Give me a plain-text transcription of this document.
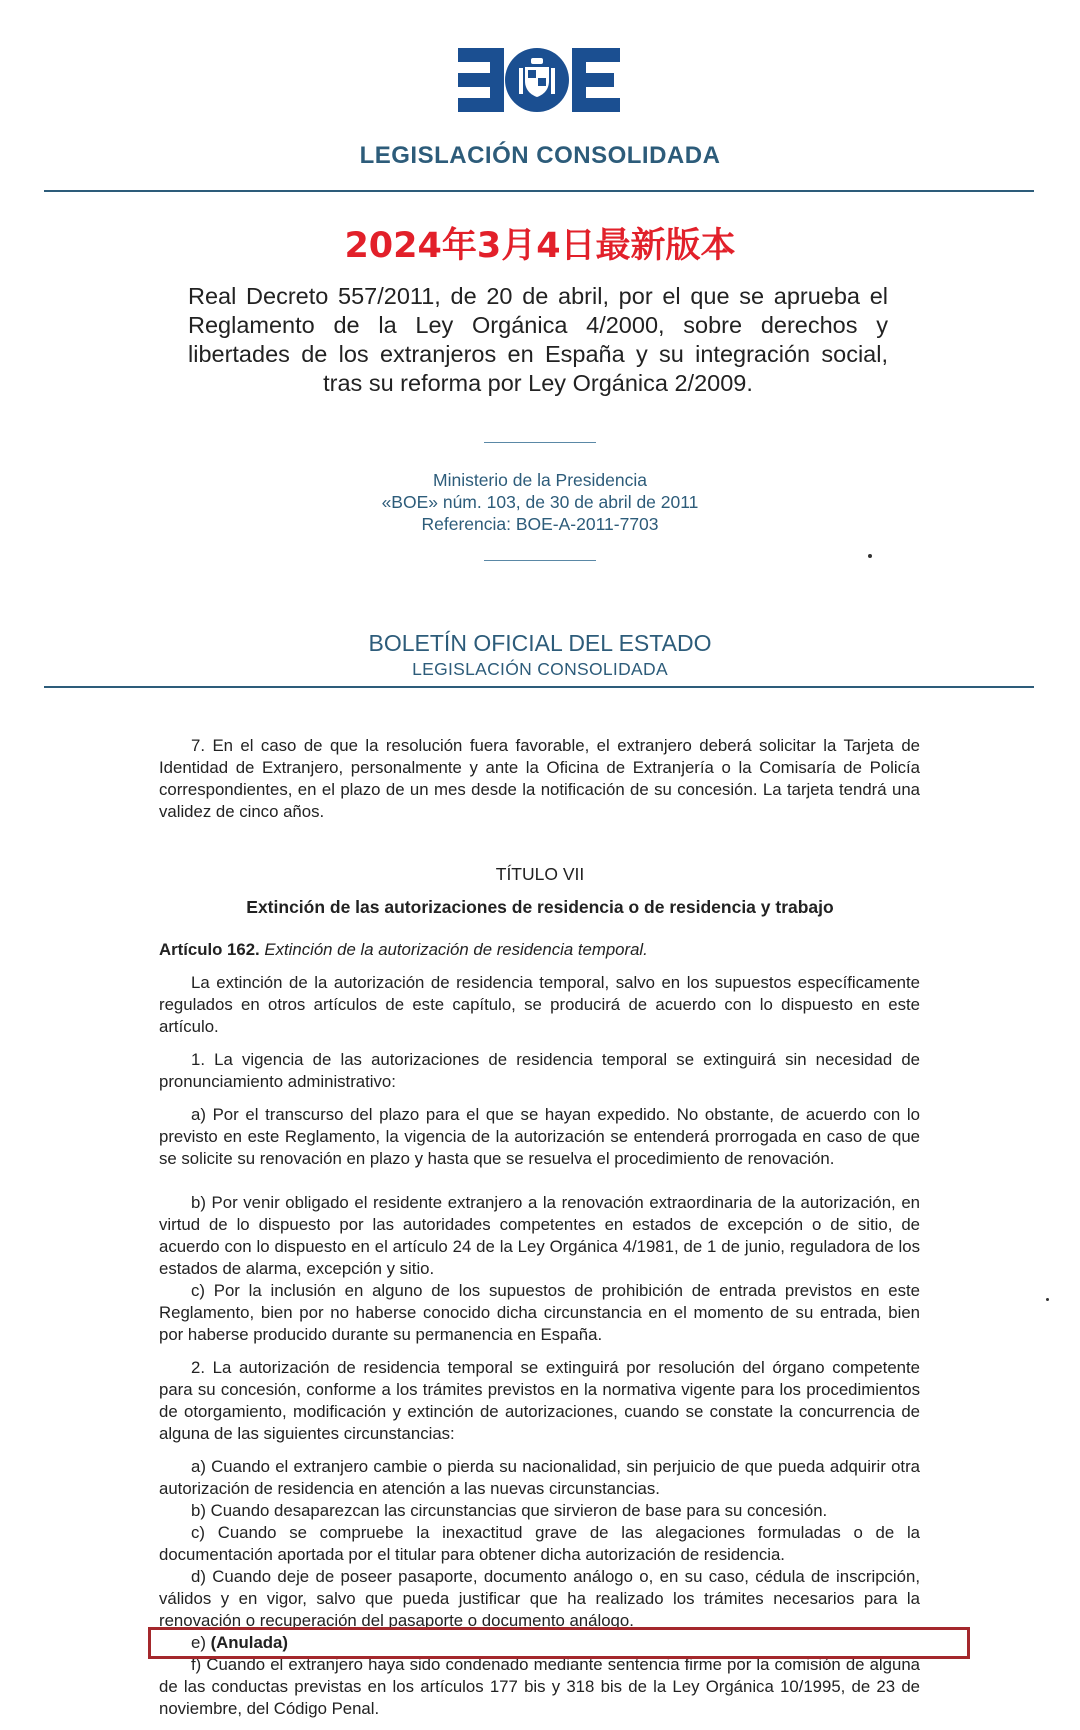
LEGISLACIÓN CONSOLIDADA
2024年3月4日最新版本
Real Decreto 557/2011, de 20 de abril, por el que se aprueba el Reglamento de la Ley Orgánica 4/2000, sobre derechos y libertades de los extranjeros en España y su integración social, tras su reforma por Ley Orgánica 2/2009.
Ministerio de la Presidencia
«BOE» núm. 103, de 30 de abril de 2011
Referencia: BOE-A-2011-7703
BOLETÍN OFICIAL DEL ESTADO
LEGISLACIÓN CONSOLIDADA
7. En el caso de que la resolución fuera favorable, el extranjero deberá solicitar la Tarjeta de Identidad de Extranjero, personalmente y ante la Oficina de Extranjería o la Comisaría de Policía correspondientes, en el plazo de un mes desde la notificación de su concesión. La tarjeta tendrá una validez de cinco años.
TÍTULO VII
Extinción de las autorizaciones de residencia o de residencia y trabajo
Artículo 162. Extinción de la autorización de residencia temporal.
La extinción de la autorización de residencia temporal, salvo en los supuestos específicamente regulados en otros artículos de este capítulo, se producirá de acuerdo con lo dispuesto en este artículo.
1. La vigencia de las autorizaciones de residencia temporal se extinguirá sin necesidad de pronunciamiento administrativo:
a) Por el transcurso del plazo para el que se hayan expedido. No obstante, de acuerdo con lo previsto en este Reglamento, la vigencia de la autorización se entenderá prorrogada en caso de que se solicite su renovación en plazo y hasta que se resuelva el procedimiento de renovación.
b) Por venir obligado el residente extranjero a la renovación extraordinaria de la autorización, en virtud de lo dispuesto por las autoridades competentes en estados de excepción o de sitio, de acuerdo con lo dispuesto en el artículo 24 de la Ley Orgánica 4/1981, de 1 de junio, reguladora de los estados de alarma, excepción y sitio.
c) Por la inclusión en alguno de los supuestos de prohibición de entrada previstos en este Reglamento, bien por no haberse conocido dicha circunstancia en el momento de su entrada, bien por haberse producido durante su permanencia en España.
2. La autorización de residencia temporal se extinguirá por resolución del órgano competente para su concesión, conforme a los trámites previstos en la normativa vigente para los procedimientos de otorgamiento, modificación y extinción de autorizaciones, cuando se constate la concurrencia de alguna de las siguientes circunstancias:
a) Cuando el extranjero cambie o pierda su nacionalidad, sin perjuicio de que pueda adquirir otra autorización de residencia en atención a las nuevas circunstancias.
b) Cuando desaparezcan las circunstancias que sirvieron de base para su concesión.
c) Cuando se compruebe la inexactitud grave de las alegaciones formuladas o de la documentación aportada por el titular para obtener dicha autorización de residencia.
d) Cuando deje de poseer pasaporte, documento análogo o, en su caso, cédula de inscripción, válidos y en vigor, salvo que pueda justificar que ha realizado los trámites necesarios para la renovación o recuperación del pasaporte o documento análogo.
e) (Anulada)
f) Cuando el extranjero haya sido condenado mediante sentencia firme por la comisión de alguna de las conductas previstas en los artículos 177 bis y 318 bis de la Ley Orgánica 10/1995, de 23 de noviembre, del Código Penal.
